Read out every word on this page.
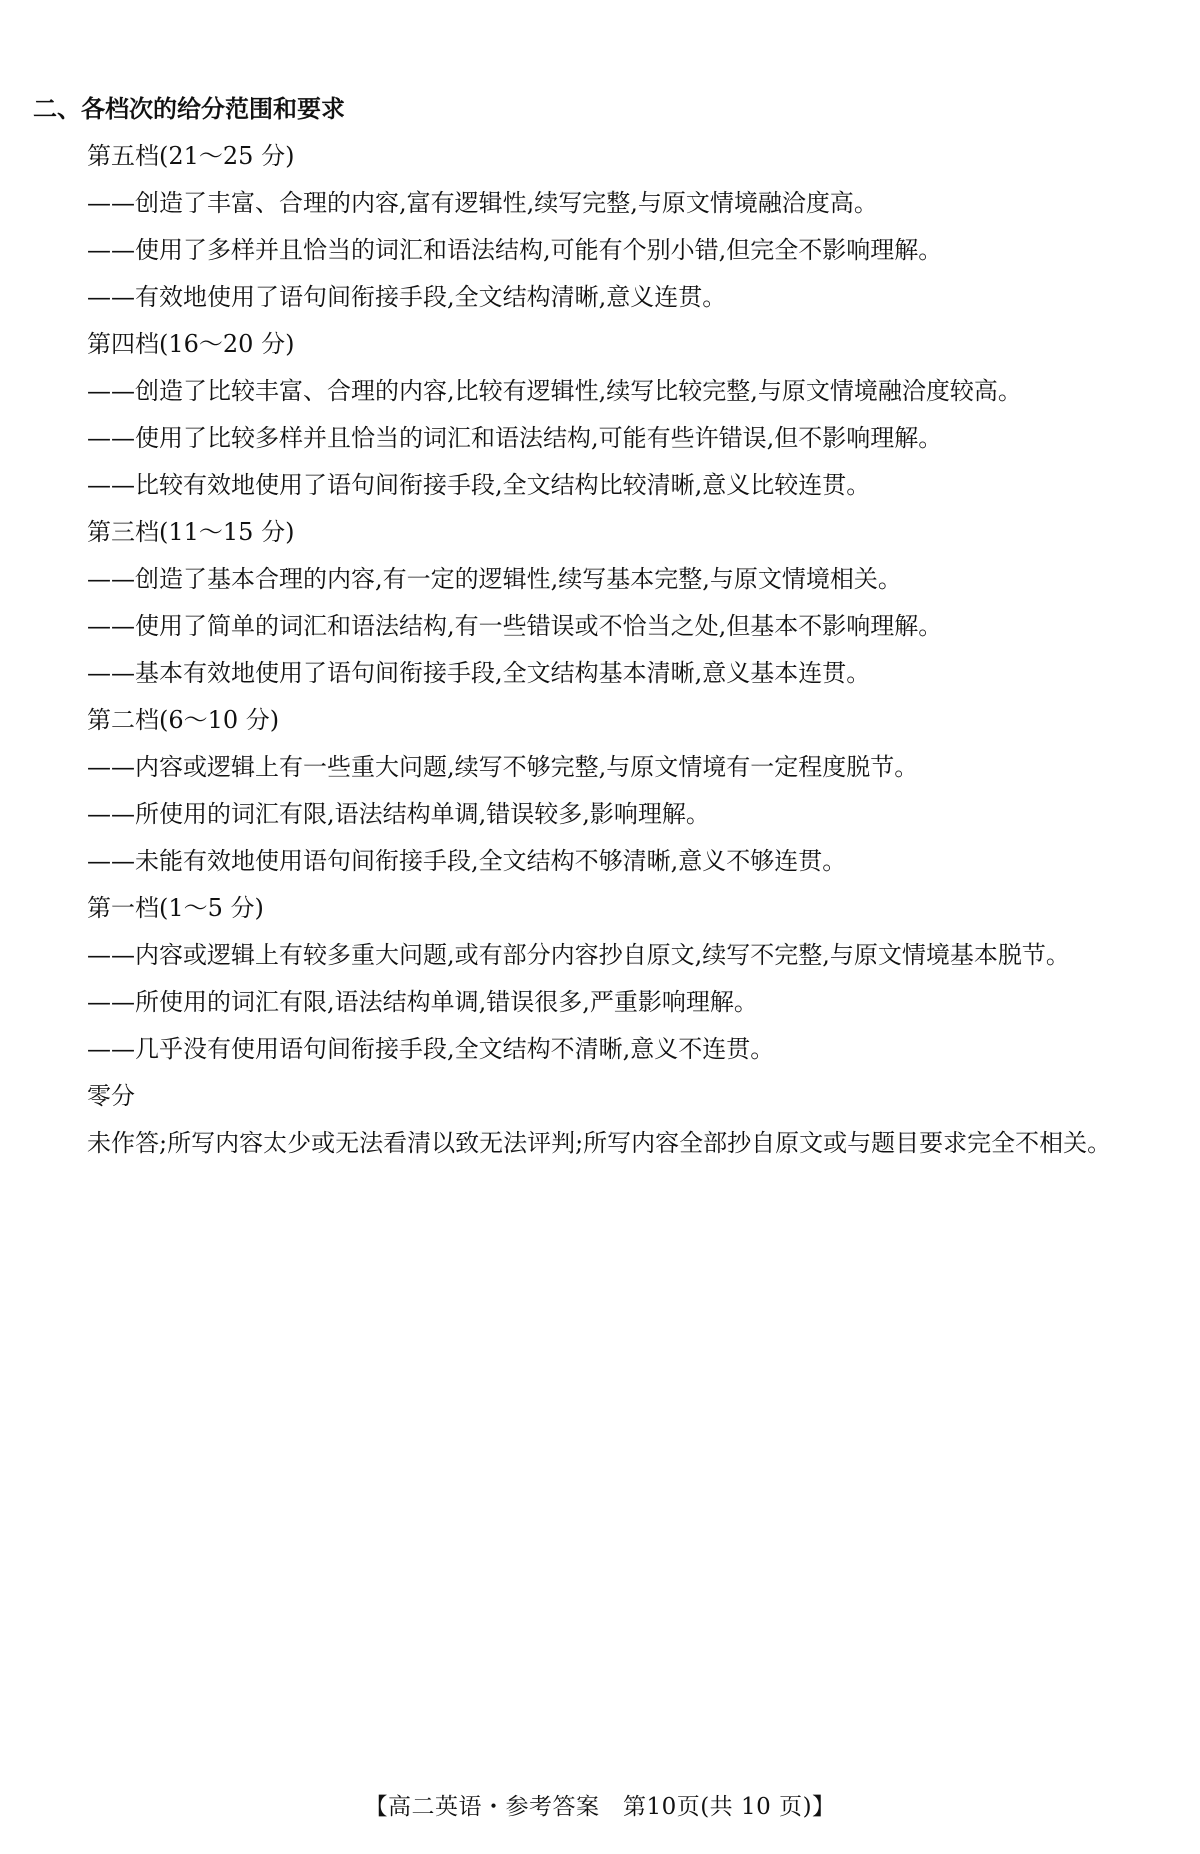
二、各档次的给分范围和要求
第五档(21～25 分)
——创造了丰富、合理的内容,富有逻辑性,续写完整,与原文情境融洽度高。
——使用了多样并且恰当的词汇和语法结构,可能有个别小错,但完全不影响理解。
——有效地使用了语句间衔接手段,全文结构清晰,意义连贯。
第四档(16～20 分)
——创造了比较丰富、合理的内容,比较有逻辑性,续写比较完整,与原文情境融洽度较高。
——使用了比较多样并且恰当的词汇和语法结构,可能有些许错误,但不影响理解。
——比较有效地使用了语句间衔接手段,全文结构比较清晰,意义比较连贯。
第三档(11～15 分)
——创造了基本合理的内容,有一定的逻辑性,续写基本完整,与原文情境相关。
——使用了简单的词汇和语法结构,有一些错误或不恰当之处,但基本不影响理解。
——基本有效地使用了语句间衔接手段,全文结构基本清晰,意义基本连贯。
第二档(6～10 分)
——内容或逻辑上有一些重大问题,续写不够完整,与原文情境有一定程度脱节。
——所使用的词汇有限,语法结构单调,错误较多,影响理解。
——未能有效地使用语句间衔接手段,全文结构不够清晰,意义不够连贯。
第一档(1～5 分)
——内容或逻辑上有较多重大问题,或有部分内容抄自原文,续写不完整,与原文情境基本脱节。
——所使用的词汇有限,语法结构单调,错误很多,严重影响理解。
——几乎没有使用语句间衔接手段,全文结构不清晰,意义不连贯。
零分
未作答;所写内容太少或无法看清以致无法评判;所写内容全部抄自原文或与题目要求完全不相关。
【高二英语・参考答案　第10页(共 10 页)】
